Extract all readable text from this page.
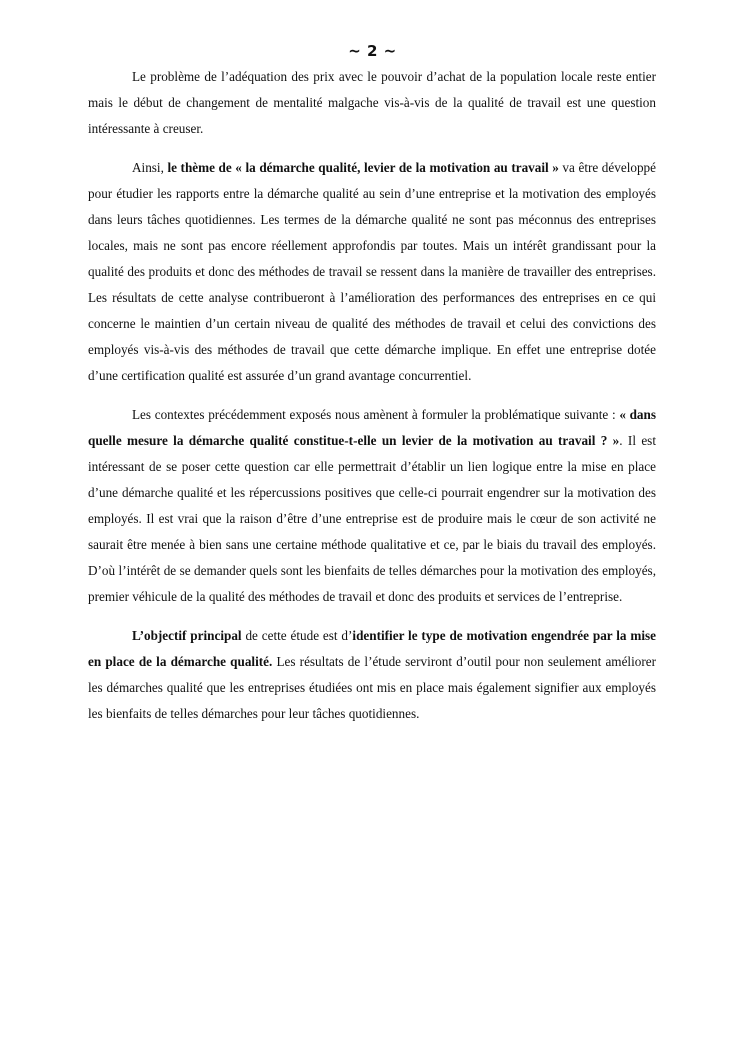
~ 2 ~

Le problème de l’adéquation des prix avec le pouvoir d’achat de la population locale reste entier mais le début de changement de mentalité malgache vis-à-vis de la qualité de travail est une question intéressante à creuser.

Ainsi, le thème de « la démarche qualité, levier de la motivation au travail » va être développé pour étudier les rapports entre la démarche qualité au sein d’une entreprise et la motivation des employés dans leurs tâches quotidiennes. Les termes de la démarche qualité ne sont pas méconnus des entreprises locales, mais ne sont pas encore réellement approfondis par toutes. Mais un intérêt grandissant pour la qualité des produits et donc des méthodes de travail se ressent dans la manière de travailler des entreprises. Les résultats de cette analyse contribueront à l’amélioration des performances des entreprises en ce qui concerne le maintien d’un certain niveau de qualité des méthodes de travail et celui des convictions des employés vis-à-vis des méthodes de travail que cette démarche implique. En effet une entreprise dotée d’une certification qualité est assurée d’un grand avantage concurrentiel.

Les contextes précédemment exposés nous amènent à formuler la problématique suivante : « dans quelle mesure la démarche qualité constitue-t-elle un levier de la motivation au travail ? ». Il est intéressant de se poser cette question car elle permettrait d’établir un lien logique entre la mise en place d’une démarche qualité et les répercussions positives que celle-ci pourrait engendrer sur la motivation des employés. Il est vrai que la raison d’être d’une entreprise est de produire mais le cœur de son activité ne saurait être menée à bien sans une certaine méthode qualitative et ce, par le biais du travail des employés. D’où l’intérêt de se demander quels sont les bienfaits de telles démarches pour la motivation des employés, premier véhicule de la qualité des méthodes de travail et donc des produits et services de l’entreprise.

L’objectif principal de cette étude est d’identifier le type de motivation engendrée par la mise en place de la démarche qualité. Les résultats de l’étude serviront d’outil pour non seulement améliorer les démarches qualité que les entreprises étudiées ont mis en place mais également signifier aux employés les bienfaits de telles démarches pour leur tâches quotidiennes.
